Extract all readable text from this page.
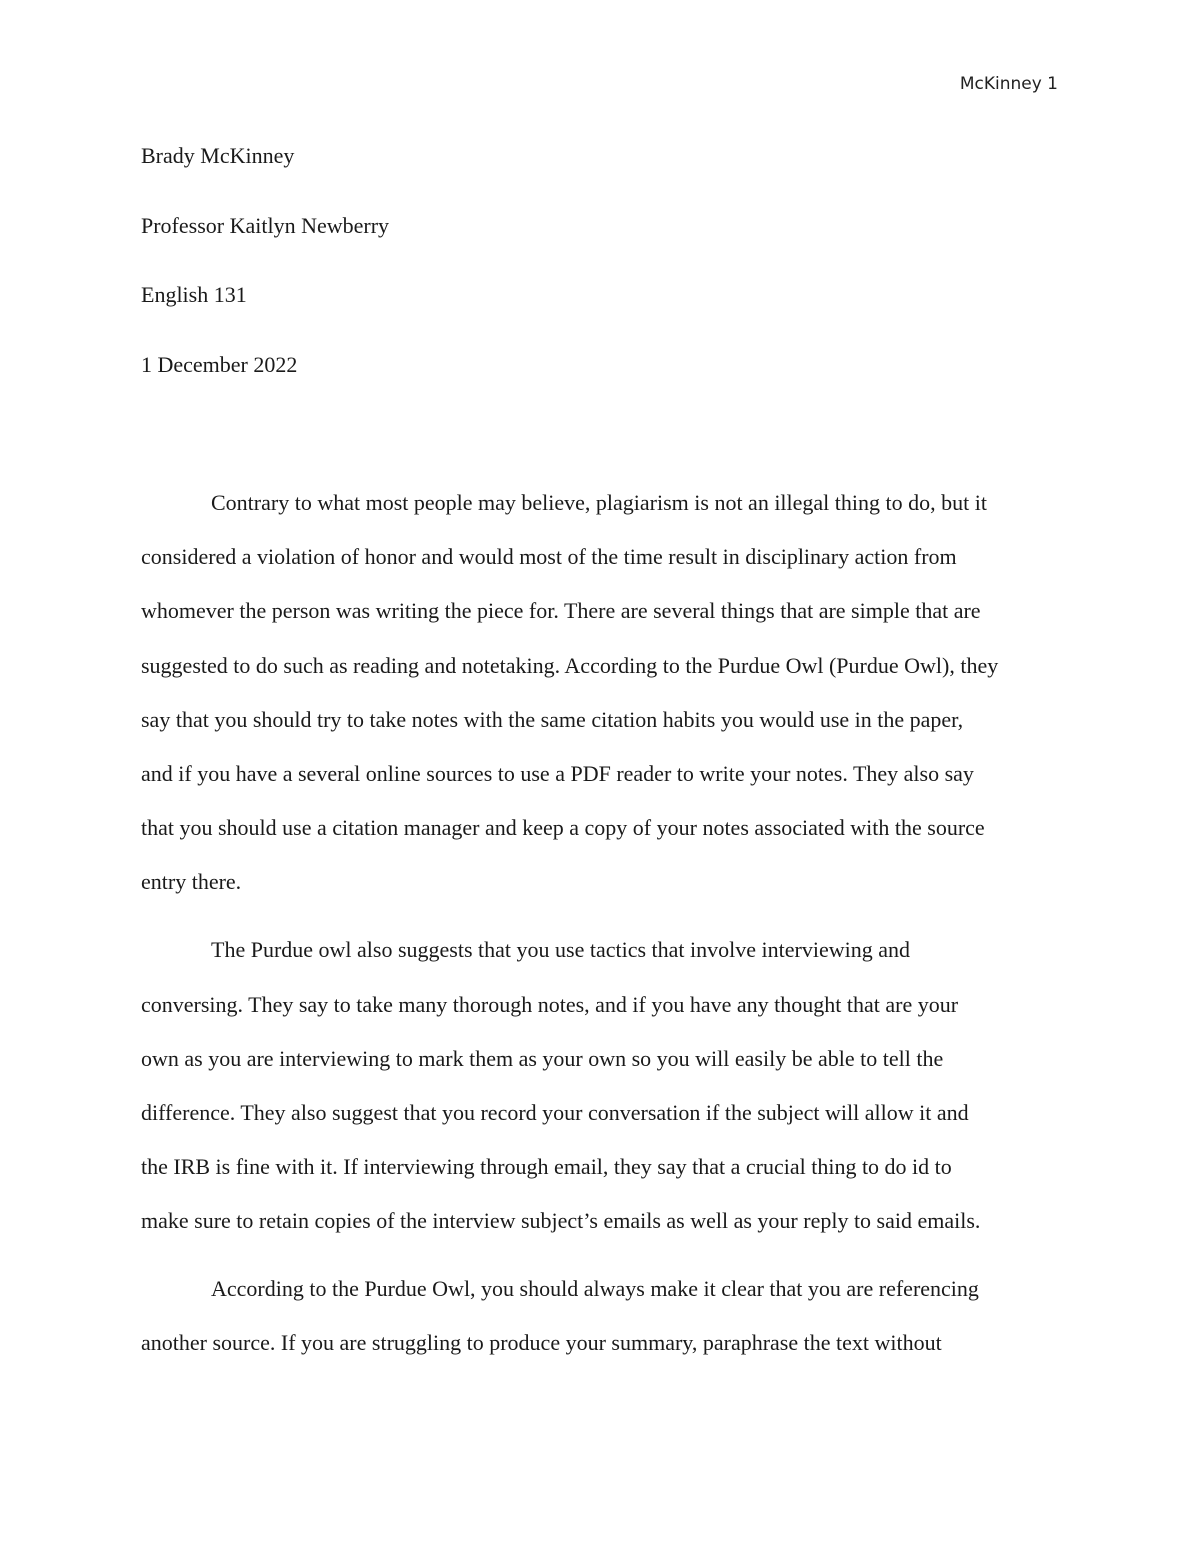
McKinney 1
Brady McKinney
Professor Kaitlyn Newberry
English 131
1 December 2022
Contrary to what most people may believe, plagiarism is not an illegal thing to do, but it
considered a violation of honor and would most of the time result in disciplinary action from
whomever the person was writing the piece for. There are several things that are simple that are
suggested to do such as reading and notetaking. According to the Purdue Owl (Purdue Owl), they
say that you should try to take notes with the same citation habits you would use in the paper,
and if you have a several online sources to use a PDF reader to write your notes. They also say
that you should use a citation manager and keep a copy of your notes associated with the source
entry there.
The Purdue owl also suggests that you use tactics that involve interviewing and
conversing. They say to take many thorough notes, and if you have any thought that are your
own as you are interviewing to mark them as your own so you will easily be able to tell the
difference. They also suggest that you record your conversation if the subject will allow it and
the IRB is fine with it. If interviewing through email, they say that a crucial thing to do id to
make sure to retain copies of the interview subject’s emails as well as your reply to said emails.
According to the Purdue Owl, you should always make it clear that you are referencing
another source. If you are struggling to produce your summary, paraphrase the text without
